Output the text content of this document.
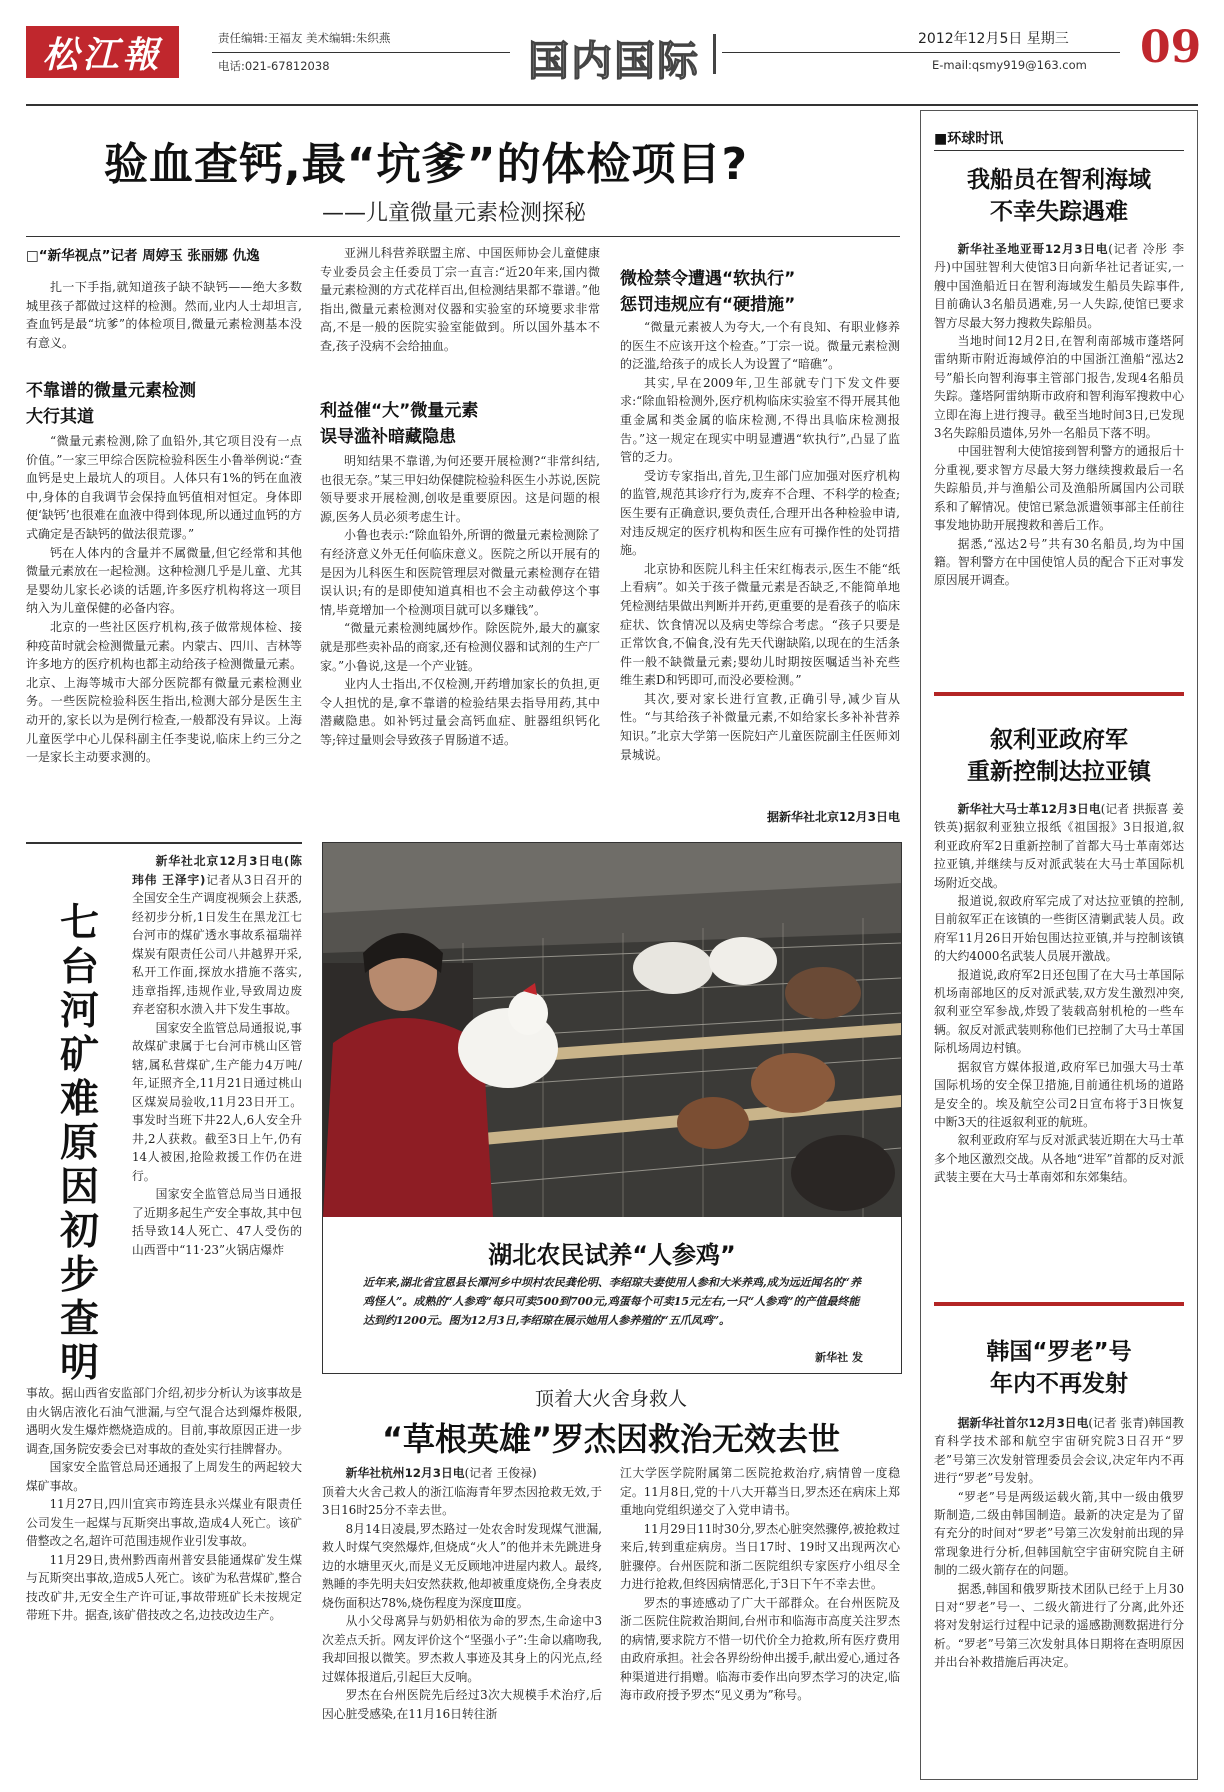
松江報	责任编辑:王福友 美术编辑:朱织燕
电话:021-67812038	国内国际	2012年12月5日 星期三
E-mail:qsmy919@163.com 09
验血查钙,最“坑爹”的体检项目?
——儿童微量元素检测探秘
□“新华视点”记者 周婷玉 张丽娜 仇逸

扎一下手指,就知道孩子缺不缺钙——绝大多数城里孩子都做过这样的检测。然而,业内人士却坦言,查血钙是最“坑爹”的体检项目,微量元素检测基本没有意义。

不靠谱的微量元素检测
大行其道

“微量元素检测,除了血铅外,其它项目没有一点价值。”一家三甲综合医院检验科医生小鲁举例说:“查血钙是史上最坑人的项目。人体只有1%的钙在血液中,身体的自我调节会保持血钙值相对恒定。身体即便‘缺钙’也很难在血液中得到体现,所以通过血钙的方式确定是否缺钙的做法很荒谬。”

钙在人体内的含量并不属微量,但它经常和其他微量元素放在一起检测。这种检测几乎是儿童、尤其是婴幼儿家长必谈的话题,许多医疗机构将这一项目纳入为儿童保健的必备内容。

北京的一些社区医疗机构,孩子做常规体检、接种疫苗时就会检测微量元素。内蒙古、四川、吉林等许多地方的医疗机构也都主动给孩子检测微量元素。北京、上海等城市大部分医院都有微量元素检测业务。一些医院检验科医生指出,检测大部分是医生主动开的,家长以为是例行检查,一般都没有异议。上海儿童医学中心儿保科副主任李斐说,临床上约三分之一是家长主动要求测的。

亚洲儿科营养联盟主席、中国医师协会儿童健康专业委员会主任委员丁宗一直言:“近20年来,国内微量元素检测的方式花样百出,但检测结果都不靠谱。”他指出,微量元素检测对仪器和实验室的环境要求非常高,不是一般的医院实验室能做到。所以国外基本不查,孩子没病不会给抽血。

利益催“大”微量元素
误导滥补暗藏隐患

明知结果不靠谱,为何还要开展检测?“非常纠结,也很无奈。”某三甲妇幼保健院检验科医生小苏说,医院领导要求开展检测,创收是重要原因。这是问题的根源,医务人员必须考虑生计。

小鲁也表示:“除血铅外,所谓的微量元素检测除了有经济意义外无任何临床意义。医院之所以开展有的是因为儿科医生和医院管理层对微量元素检测存在错误认识;有的是即使知道真相也不会主动截停这个事情,毕竟增加一个检测项目就可以多赚钱”。

“微量元素检测纯属炒作。除医院外,最大的赢家就是那些卖补品的商家,还有检测仪器和试剂的生产厂家。”小鲁说,这是一个产业链。

业内人士指出,不仅检测,开药增加家长的负担,更令人担忧的是,拿不靠谱的检验结果去指导用药,其中潜藏隐患。如补钙过量会高钙血症、脏器组织钙化等;锌过量则会导致孩子胃肠道不适。

微检禁令遭遇“软执行”
惩罚违规应有“硬措施”

“微量元素被人为夸大,一个有良知、有职业修养的医生不应该开这个检查。”丁宗一说。微量元素检测的泛滥,给孩子的成长人为设置了“暗礁”。

其实,早在2009年,卫生部就专门下发文件要求:“除血铅检测外,医疗机构临床实验室不得开展其他重金属和类金属的临床检测,不得出具临床检测报告。”这一规定在现实中明显遭遇“软执行”,凸显了监管的乏力。

受访专家指出,首先,卫生部门应加强对医疗机构的监管,规范其诊疗行为,废弃不合理、不科学的检查;医生要有正确意识,要负责任,合理开出各种检验申请,对违反规定的医疗机构和医生应有可操作性的处罚措施。

北京协和医院儿科主任宋红梅表示,医生不能“纸上看病”。如关于孩子微量元素是否缺乏,不能简单地凭检测结果做出判断并开药,更重要的是看孩子的临床症状、饮食情况以及病史等综合考虑。“孩子只要是正常饮食,不偏食,没有先天代谢缺陷,以现在的生活条件一般不缺微量元素;婴幼儿时期按医嘱适当补充些维生素D和钙即可,而没必要检测。”

其次,要对家长进行宣教,正确引导,减少盲从性。“与其给孩子补微量元素,不如给家长多补补营养知识。”北京大学第一医院妇产儿童医院副主任医师刘景城说。

据新华社北京12月3日电
湖北农民试养“人参鸡”
近年来,湖北省宜恩县长潭河乡中坝村农民龚伦明、李绍琼夫妻使用人参和大米养鸡,成为远近闻名的“养鸡怪人”。成熟的“人参鸡”每只可卖500到700元,鸡蛋每个可卖15元左右,一只“人参鸡”的产值最终能达到约1200元。图为12月3日,李绍琼在展示她用人参养殖的“五爪凤鸡”。
新华社 发
七台河矿难原因初步查明

新华社北京12月3日电(陈玮伟 王泽宇)记者从3日召开的全国安全生产调度视频会上获悉,经初步分析,1日发生在黑龙江七台河市的煤矿透水事故系福瑞祥煤炭有限责任公司八井越界开采,私开工作面,探放水措施不落实,违章指挥,违规作业,导致周边废弃老窑积水溃入井下发生事故。

国家安全监管总局通报说,事故煤矿隶属于七台河市桃山区管辖,属私营煤矿,生产能力4万吨/年,证照齐全,11月21日通过桃山区煤炭局验收,11月23日开工。事发时当班下井22人,6人安全升井,2人获救。截至3日上午,仍有14人被困,抢险救援工作仍在进行。

国家安全监管总局当日通报了近期多起生产安全事故,其中包括导致14人死亡、47人受伤的山西晋中“11·23”火锅店爆炸

事故。据山西省安监部门介绍,初步分析认为该事故是由火锅店液化石油气泄漏,与空气混合达到爆炸极限,遇明火发生爆炸燃烧造成的。目前,事故原因正进一步调查,国务院安委会已对事故的查处实行挂牌督办。

国家安全监管总局还通报了上周发生的两起较大煤矿事故。

11月27日,四川宜宾市筠连县永兴煤业有限责任公司发生一起煤与瓦斯突出事故,造成4人死亡。该矿借整改之名,超许可范围违规作业引发事故。

11月29日,贵州黔西南州普安县能通煤矿发生煤与瓦斯突出事故,造成5人死亡。该矿为私营煤矿,整合技改矿井,无安全生产许可证,事故带班矿长未按规定带班下井。据查,该矿借技改之名,边技改边生产。

顶着大火舍身救人
“草根英雄”罗杰因救治无效去世

新华社杭州12月3日电(记者 王俊禄)

顶着大火舍己救人的浙江临海青年罗杰因抢救无效,于3日16时25分不幸去世。

8月14日凌晨,罗杰路过一处农舍时发现煤气泄漏,救人时煤气突然爆炸,但烧成“火人”的他并未先跳进身边的水塘里灭火,而是义无反顾地冲进屋内救人。最终,熟睡的李先明夫妇安然获救,他却被重度烧伤,全身表皮烧伤面积达78%,烧伤程度为深度Ⅲ度。

从小父母离异与奶奶相依为命的罗杰,生命途中3次差点夭折。网友评价这个“坚强小子”:生命以痛吻我,我却回报以微笑。罗杰救人事迹及其身上的闪光点,经过媒体报道后,引起巨大反响。

罗杰在台州医院先后经过3次大规模手术治疗,后因心脏受感染,在11月16日转往浙

江大学医学院附属第二医院抢救治疗,病情曾一度稳定。11月8日,党的十八大开幕当日,罗杰还在病床上郑重地向党组织递交了入党申请书。

11月29日11时30分,罗杰心脏突然骤停,被抢救过来后,转到重症病房。当日17时、19时又出现两次心脏骤停。台州医院和浙二医院组织专家医疗小组尽全力进行抢救,但终因病情恶化,于3日下午不幸去世。

罗杰的事迹感动了广大干部群众。在台州医院及浙二医院住院救治期间,台州市和临海市高度关注罗杰的病情,要求院方不惜一切代价全力抢救,所有医疗费用由政府承担。社会各界纷纷伸出援手,献出爱心,通过各种渠道进行捐赠。临海市委作出向罗杰学习的决定,临海市政府授予罗杰“见义勇为”称号。

■环球时讯
我船员在智利海域
不幸失踪遇难

新华社圣地亚哥12月3日电(记者 冷彤 李丹)中国驻智利大使馆3日向新华社记者证实,一艘中国渔船近日在智利海域发生船员失踪事件,目前确认3名船员遇难,另一人失踪,使馆已要求智方尽最大努力搜救失踪船员。

当地时间12月2日,在智利南部城市蓬塔阿雷纳斯市附近海域停泊的中国浙江渔船“泓达2号”船长向智利海事主管部门报告,发现4名船员失踪。蓬塔阿雷纳斯市政府和智利海军搜救中心立即在海上进行搜寻。截至当地时间3日,已发现3名失踪船员遗体,另外一名船员下落不明。

中国驻智利大使馆接到智利警方的通报后十分重视,要求智方尽最大努力继续搜救最后一名失踪船员,并与渔船公司及渔船所属国内公司联系和了解情况。使馆已紧急派遣领事部主任前往事发地协助开展搜救和善后工作。

据悉,“泓达2号”共有30名船员,均为中国籍。智利警方在中国使馆人员的配合下正对事发原因展开调查。

叙利亚政府军
重新控制达拉亚镇

新华社大马士革12月3日电(记者 拱振喜 姜铁英)据叙利亚独立报纸《祖国报》3日报道,叙利亚政府军2日重新控制了首都大马士革南郊达拉亚镇,并继续与反对派武装在大马士革国际机场附近交战。

报道说,叙政府军完成了对达拉亚镇的控制,目前叙军正在该镇的一些街区清剿武装人员。政府军11月26日开始包围达拉亚镇,并与控制该镇的大约4000名武装人员展开激战。

报道说,政府军2日还包围了在大马士革国际机场南部地区的反对派武装,双方发生激烈冲突,叙利亚空军参战,炸毁了装载高射机枪的一些车辆。叙反对派武装则称他们已控制了大马士革国际机场周边村镇。

据叙官方媒体报道,政府军已加强大马士革国际机场的安全保卫措施,目前通往机场的道路是安全的。埃及航空公司2日宣布将于3日恢复中断3天的往返叙利亚的航班。

叙利亚政府军与反对派武装近期在大马士革多个地区激烈交战。从各地“进军”首都的反对派武装主要在大马士革南郊和东郊集结。

韩国“罗老”号
年内不再发射

据新华社首尔12月3日电(记者 张青)韩国教育科学技术部和航空宇宙研究院3日召开“罗老”号第三次发射管理委员会会议,决定年内不再进行“罗老”号发射。

“罗老”号是两级运载火箭,其中一级由俄罗斯制造,二级由韩国制造。最新的决定是为了留有充分的时间对“罗老”号第三次发射前出现的异常现象进行分析,但韩国航空宇宙研究院自主研制的二级火箭存在的问题。

据悉,韩国和俄罗斯技术团队已经于上月30日对“罗老”号一、二级火箭进行了分离,此外还将对发射运行过程中记录的遥感勘测数据进行分析。“罗老”号第三次发射具体日期将在查明原因并出台补救措施后再决定。
